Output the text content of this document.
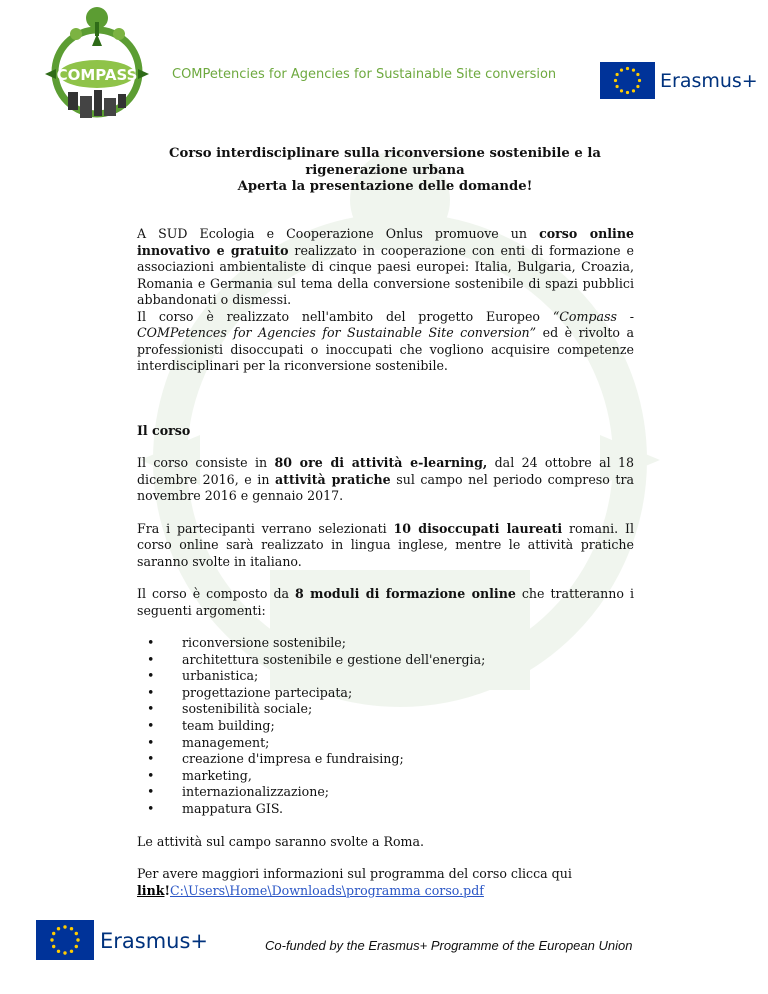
COMPASS	COMPetencies for Agencies for Sustainable Site conversion	Erasmus+
Corso interdisciplinare sulla riconversione sostenibile e la
rigenerazione urbana
Aperta la presentazione delle domande!

A SUD Ecologia e Cooperazione Onlus promuove un corso online innovativo e gratuito realizzato in cooperazione con enti di formazione e associazioni ambientaliste di cinque paesi europei: Italia, Bulgaria, Croazia, Romania e Germania sul tema della conversione sostenibile di spazi pubblici abbandonati o dismessi.

Il corso è realizzato nell'ambito del progetto Europeo “Compass - COMPetences for Agencies for Sustainable Site conversion” ed è rivolto a professionisti disoccupati o inoccupati che vogliono acquisire competenze interdisciplinari per la riconversione sostenibile.

Il corso

Il corso consiste in 80 ore di attività e-learning, dal 24 ottobre al 18 dicembre 2016, e in attività pratiche sul campo nel periodo compreso tra novembre 2016 e gennaio 2017.

Fra i partecipanti verrano selezionati 10 disoccupati laureati romani. Il corso online sarà realizzato in lingua inglese, mentre le attività pratiche saranno svolte in italiano.

Il corso è composto da 8 moduli di formazione online che tratteranno i seguenti argomenti:

• riconversione sostenibile;
• architettura sostenibile e gestione dell'energia;
• urbanistica;
• progettazione partecipata;
• sostenibilità sociale;
• team building;
• management;
• creazione d'impresa e fundraising;
• marketing,
• internazionalizzazione;
• mappatura GIS.

Le attività sul campo saranno svolte a Roma.

Per avere maggiori informazioni sul programma del corso clicca qui

link!C:\Users\Home\Downloads\programma corso.pdf

Erasmus+	Co-funded by the Erasmus+ Programme of the European Union
